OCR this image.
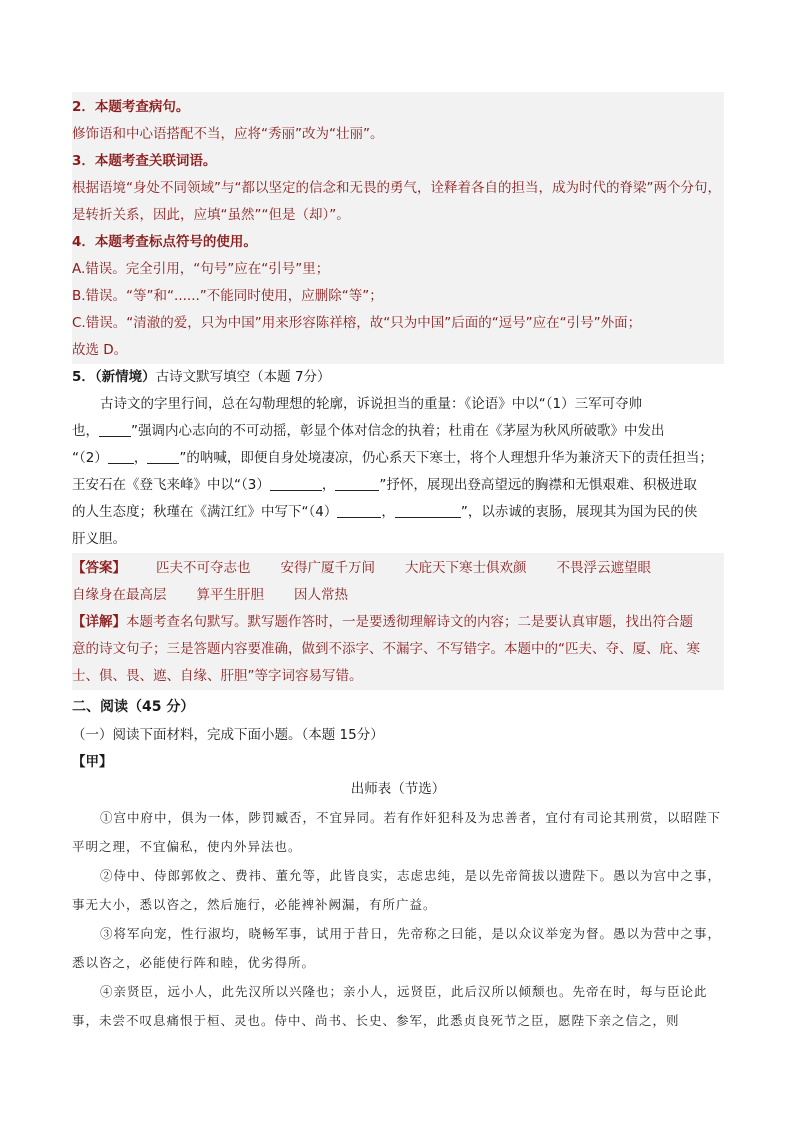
2．本题考查病句。
修饰语和中心语搭配不当，应将“秀丽”改为“壮丽”。
3．本题考查关联词语。
根据语境“身处不同领域”与“都以坚定的信念和无畏的勇气，诠释着各自的担当，成为时代的脊梁”两个分句，
是转折关系，因此，应填“虽然”“但是（却）”。
4．本题考查标点符号的使用。
A.错误。完全引用，“句号”应在“引号”里；
B.错误。“等”和“......”不能同时使用，应删除“等”；
C.错误。“清澈的爱，只为中国”用来形容陈祥榕，故“只为中国”后面的“逗号”应在“引号”外面；
故选 D。
5．（新情境）古诗文默写填空（本题 7分）
古诗文的字里行间，总在勾勒理想的轮廓，诉说担当的重量：《论语》中以“（1）三军可夺帅
也， ”强调内心志向的不可动摇，彰显个体对信念的执着；杜甫在《茅屋为秋风所破歌》中发出
“（2） ， ”的呐喊，即便自身处境凄凉，仍心系天下寒士，将个人理想升华为兼济天下的责任担当；
王安石在《登飞来峰》中以“（3）	，	”抒怀，展现出登高望远的胸襟和无惧艰难、积极进取
的人生态度；秋瑾在《满江红》中写下“（4）	，	”，以赤诚的衷肠，展现其为国为民的侠
肝义胆。
【答案】 匹夫不可夺志也 安得广厦千万间 大庇天下寒士俱欢颜 不畏浮云遮望眼
自缘身在最高层 算平生肝胆 因人常热
【详解】本题考查名句默写。默写题作答时，一是要透彻理解诗文的内容；二是要认真审题，找出符合题
意的诗文句子；三是答题内容要准确，做到不添字、不漏字、不写错字。本题中的“匹夫、夺、厦、庇、寒
士、俱、畏、遮、自缘、肝胆”等字词容易写错。
二、阅读（45 分）
（一）阅读下面材料，完成下面小题。（本题 15分）
【甲】
出师表（节选）

①宫中府中，俱为一体，陟罚臧否，不宜异同。若有作奸犯科及为忠善者，宜付有司论其刑赏，以昭陛下平明之理，不宜偏私，使内外异法也。

②侍中、侍郎郭攸之、费祎、董允等，此皆良实，志虑忠纯，是以先帝简拔以遗陛下。愚以为宫中之事，事无大小，悉以咨之，然后施行，必能裨补阙漏，有所广益。

③将军向宠，性行淑均，晓畅军事，试用于昔日，先帝称之曰能，是以众议举宠为督。愚以为营中之事，悉以咨之，必能使行阵和睦，优劣得所。

④亲贤臣，远小人，此先汉所以兴隆也；亲小人，远贤臣，此后汉所以倾颓也。先帝在时，每与臣论此事，未尝不叹息痛恨于桓、灵也。侍中、尚书、长史、参军，此悉贞良死节之臣，愿陛下亲之信之，则
